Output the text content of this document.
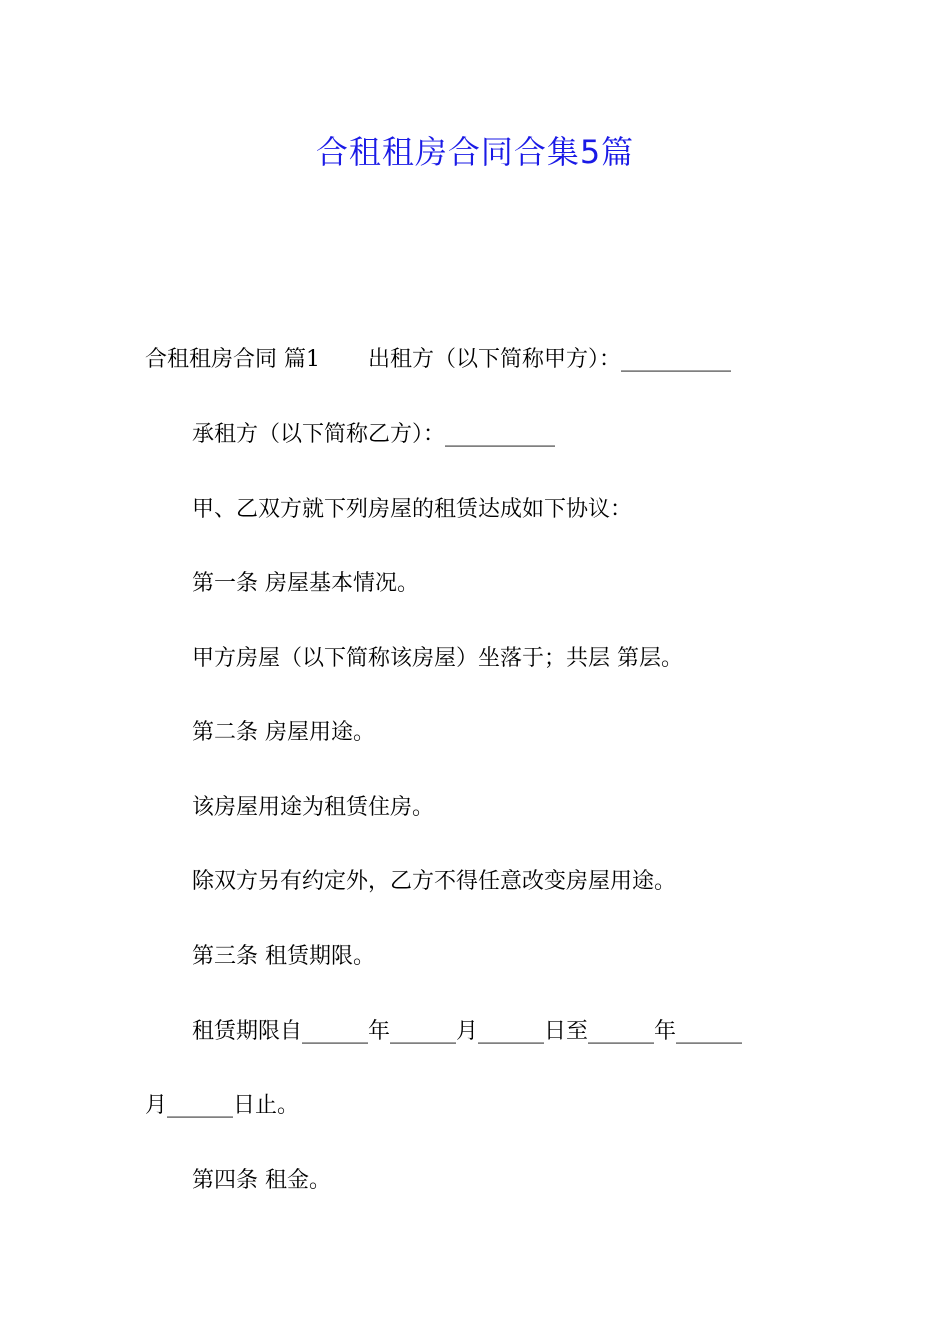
合租租房合同合集5篇
合租租房合同 篇1 出租方（以下简称甲方）：__________
承租方（以下简称乙方）：__________
甲、乙双方就下列房屋的租赁达成如下协议：
第一条 房屋基本情况。
甲方房屋（以下简称该房屋）坐落于；共层 第层。
第二条 房屋用途。
该房屋用途为租赁住房。
除双方另有约定外，乙方不得任意改变房屋用途。
第三条 租赁期限。
租赁期限自______年______月______日至______年______
月______日止。
第四条 租金。
